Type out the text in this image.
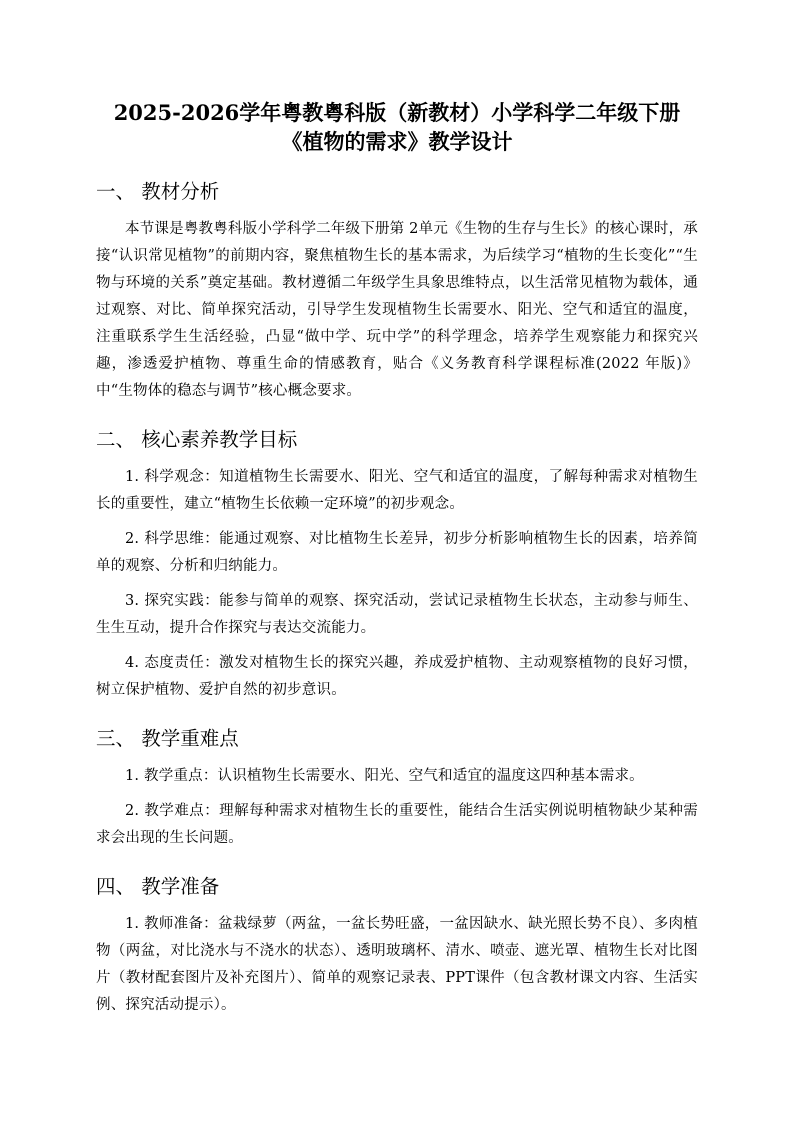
2025-2026学年粤教粤科版（新教材）小学科学二年级下册《植物的需求》教学设计
一、 教材分析

本节课是粤教粤科版小学科学二年级下册第 2单元《生物的生存与生长》的核心课时，承接“认识常见植物”的前期内容，聚焦植物生长的基本需求，为后续学习“植物的生长变化”“生物与环境的关系”奠定基础。教材遵循二年级学生具象思维特点，以生活常见植物为载体，通过观察、对比、简单探究活动，引导学生发现植物生长需要水、阳光、空气和适宜的温度，注重联系学生生活经验，凸显“做中学、玩中学”的科学理念，培养学生观察能力和探究兴趣，渗透爱护植物、尊重生命的情感教育，贴合《义务教育科学课程标准(2022 年版)》中“生物体的稳态与调节”核心概念要求。

二、 核心素养教学目标

1. 科学观念：知道植物生长需要水、阳光、空气和适宜的温度，了解每种需求对植物生长的重要性，建立“植物生长依赖一定环境”的初步观念。

2. 科学思维：能通过观察、对比植物生长差异，初步分析影响植物生长的因素，培养简单的观察、分析和归纳能力。

3. 探究实践：能参与简单的观察、探究活动，尝试记录植物生长状态，主动参与师生、生生互动，提升合作探究与表达交流能力。

4. 态度责任：激发对植物生长的探究兴趣，养成爱护植物、主动观察植物的良好习惯，树立保护植物、爱护自然的初步意识。

三、 教学重难点

1. 教学重点：认识植物生长需要水、阳光、空气和适宜的温度这四种基本需求。

2. 教学难点：理解每种需求对植物生长的重要性，能结合生活实例说明植物缺少某种需求会出现的生长问题。

四、 教学准备

1. 教师准备：盆栽绿萝（两盆，一盆长势旺盛，一盆因缺水、缺光照长势不良）、多肉植物（两盆，对比浇水与不浇水的状态）、透明玻璃杯、清水、喷壶、遮光罩、植物生长对比图片（教材配套图片及补充图片）、简单的观察记录表、PPT课件（包含教材课文内容、生活实例、探究活动提示）。
